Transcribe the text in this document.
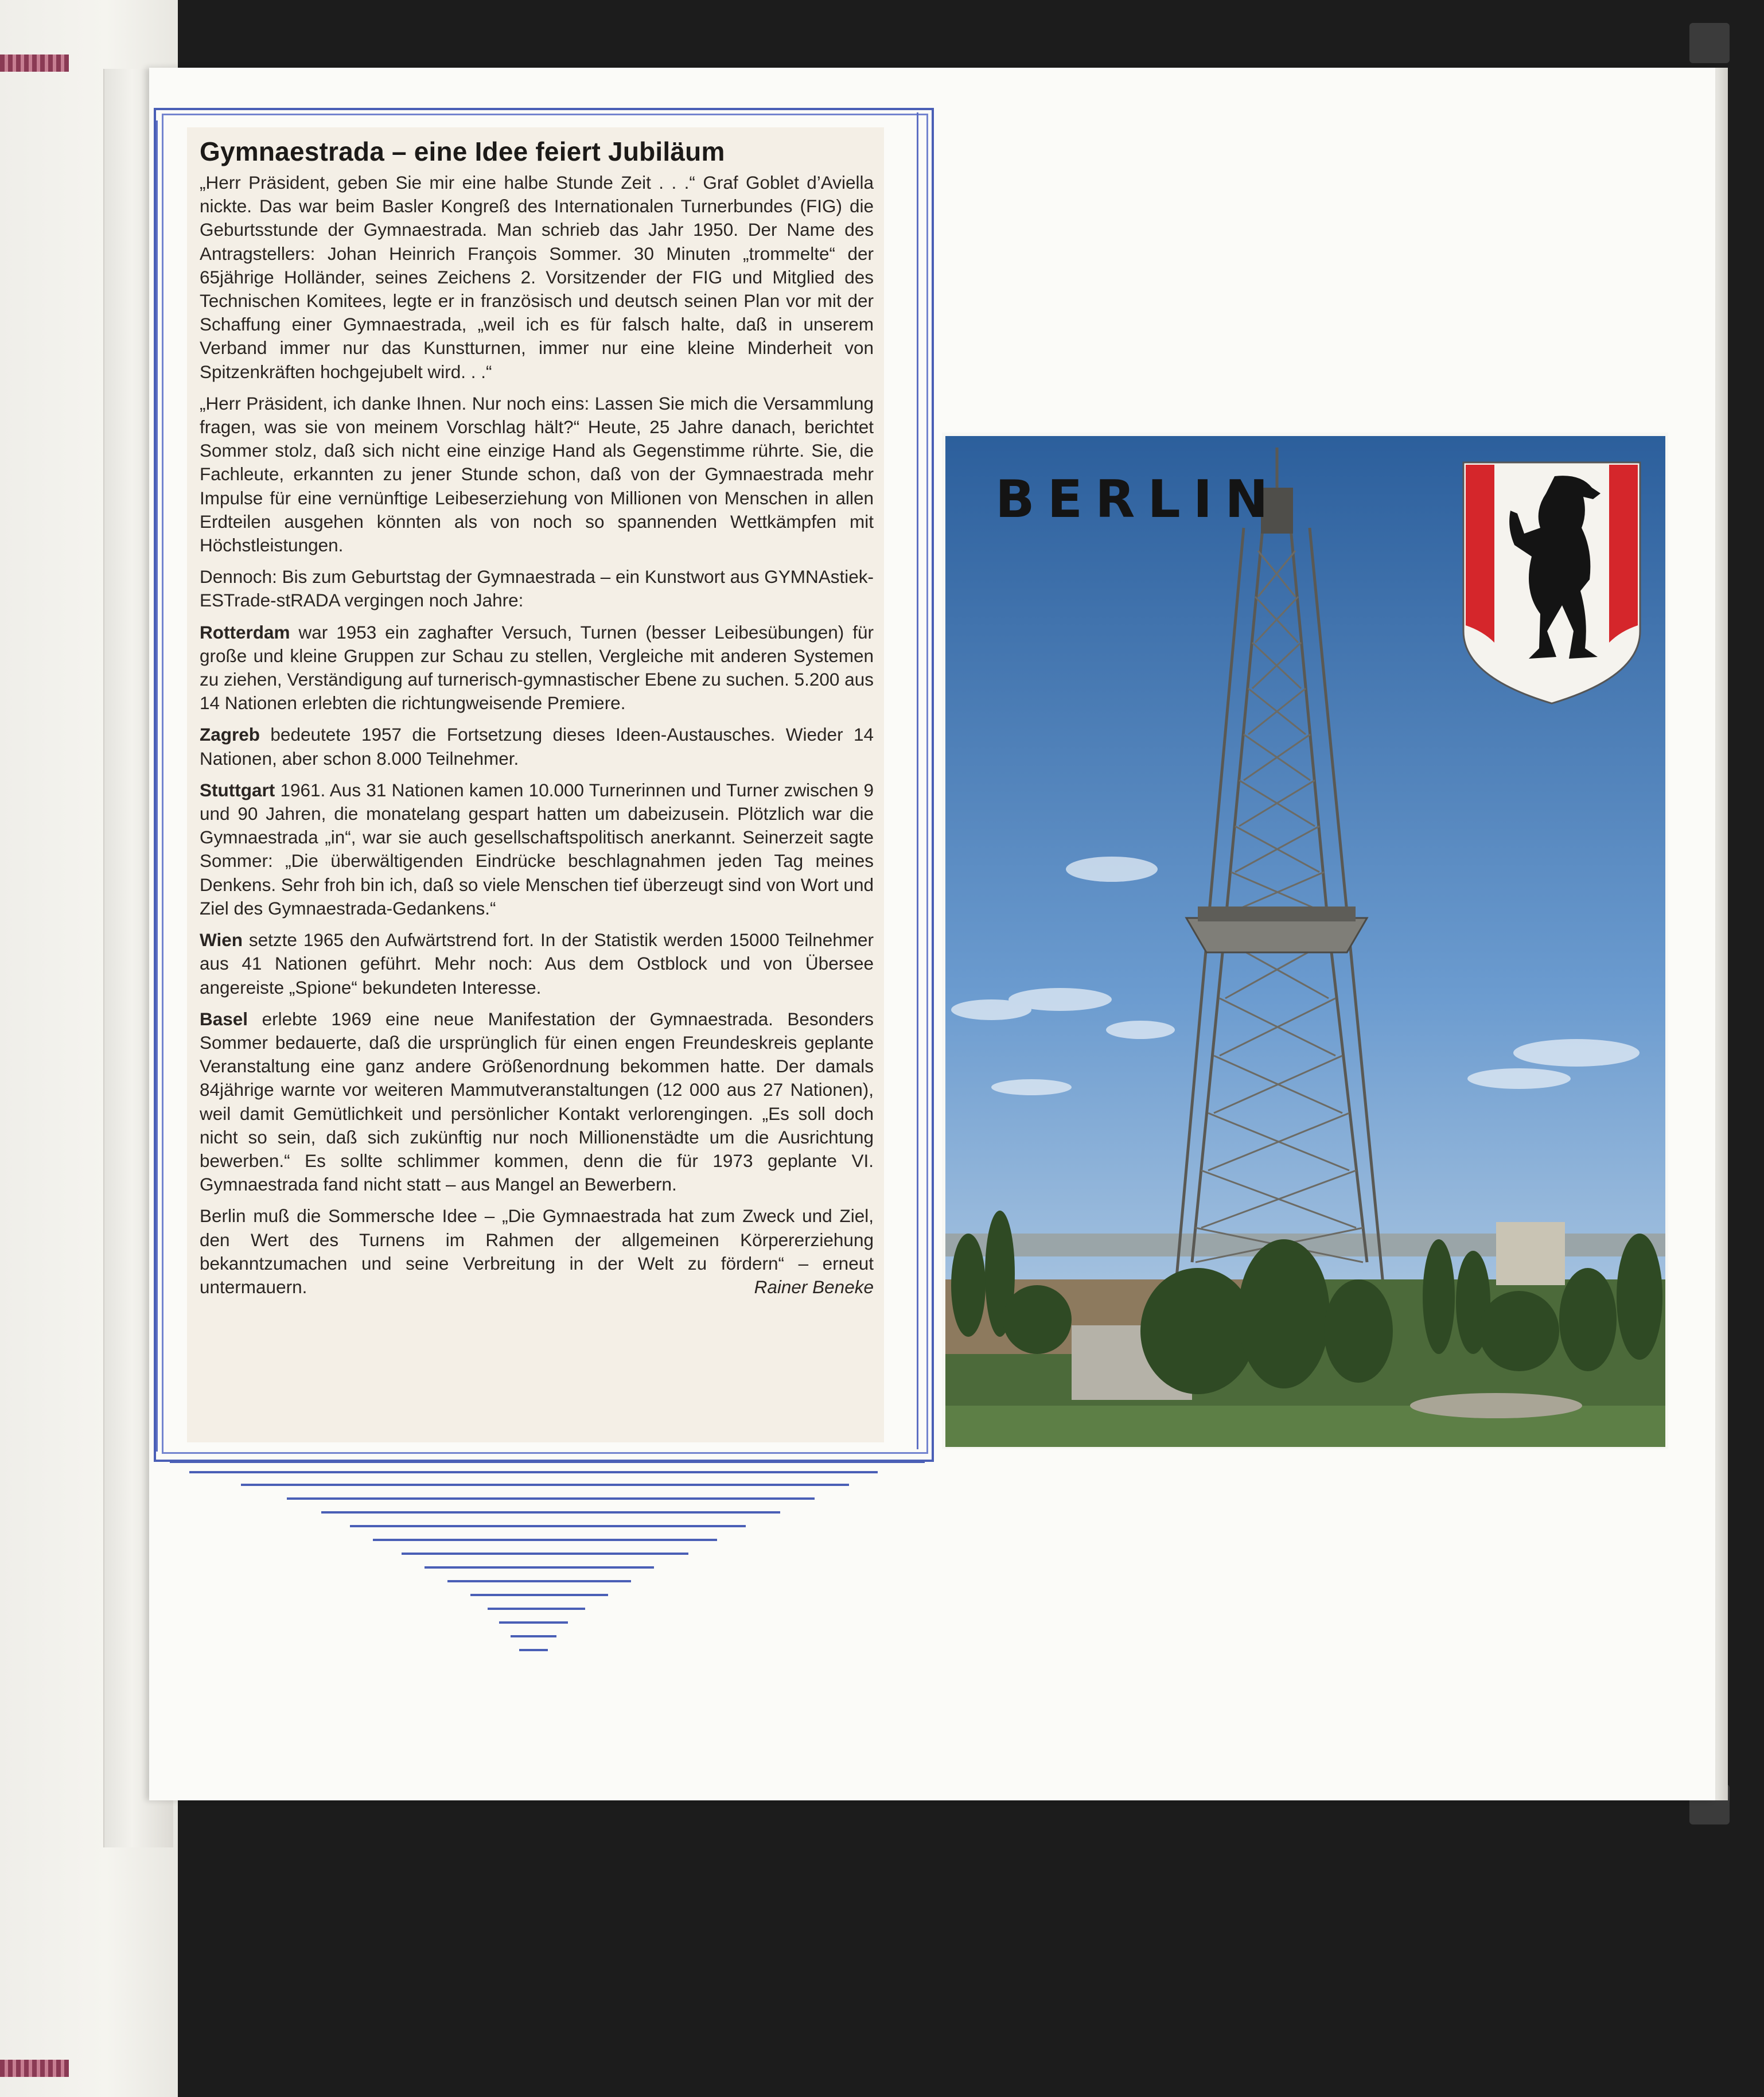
Gymnaestrada – eine Idee feiert Jubiläum

„Herr Präsident, geben Sie mir eine halbe Stunde Zeit . . .“ Graf Goblet d’Aviella nickte. Das war beim Basler Kongreß des Internationalen Turnerbundes (FIG) die Geburtsstunde der Gymnaestrada. Man schrieb das Jahr 1950. Der Name des Antragstellers: Johan Heinrich François Sommer. 30 Minuten „trommelte“ der 65jährige Holländer, seines Zeichens 2. Vorsitzender der FIG und Mitglied des Technischen Komitees, legte er in französisch und deutsch seinen Plan vor mit der Schaffung einer Gymnaestrada, „weil ich es für falsch halte, daß in unserem Verband immer nur das Kunstturnen, immer nur eine kleine Minderheit von Spitzenkräften hochgejubelt wird. . .“

„Herr Präsident, ich danke Ihnen. Nur noch eins: Lassen Sie mich die Versammlung fragen, was sie von meinem Vorschlag hält?“ Heute, 25 Jahre danach, berichtet Sommer stolz, daß sich nicht eine einzige Hand als Gegenstimme rührte. Sie, die Fachleute, erkannten zu jener Stunde schon, daß von der Gymnaestrada mehr Impulse für eine vernünftige Leibeserziehung von Millionen von Menschen in allen Erdteilen ausgehen könnten als von noch so spannenden Wettkämpfen mit Höchstleistungen.

Dennoch: Bis zum Geburtstag der Gymnaestrada – ein Kunstwort aus GYMNAstiek-ESTrade-stRADA vergingen noch Jahre:

Rotterdam war 1953 ein zaghafter Versuch, Turnen (besser Leibesübungen) für große und kleine Gruppen zur Schau zu stellen, Vergleiche mit anderen Systemen zu ziehen, Verständigung auf turnerisch-gymnastischer Ebene zu suchen. 5.200 aus 14 Nationen erlebten die richtungweisende Premiere.

Zagreb bedeutete 1957 die Fortsetzung dieses Ideen-Austausches. Wieder 14 Nationen, aber schon 8.000 Teilnehmer.

Stuttgart 1961. Aus 31 Nationen kamen 10.000 Turnerinnen und Turner zwischen 9 und 90 Jahren, die monatelang gespart hatten um dabeizusein. Plötzlich war die Gymnaestrada „in“, war sie auch gesellschaftspolitisch anerkannt. Seinerzeit sagte Sommer: „Die überwältigenden Eindrücke beschlagnahmen jeden Tag meines Denkens. Sehr froh bin ich, daß so viele Menschen tief überzeugt sind von Wort und Ziel des Gymnaestrada-Gedankens.“

Wien setzte 1965 den Aufwärtstrend fort. In der Statistik werden 15000 Teilnehmer aus 41 Nationen geführt. Mehr noch: Aus dem Ostblock und von Übersee angereiste „Spione“ bekundeten Interesse.

Basel erlebte 1969 eine neue Manifestation der Gymnaestrada. Besonders Sommer bedauerte, daß die ursprünglich für einen engen Freundeskreis geplante Veranstaltung eine ganz andere Größenordnung bekommen hatte. Der damals 84jährige warnte vor weiteren Mammutveranstaltungen (12 000 aus 27 Nationen), weil damit Gemütlichkeit und persönlicher Kontakt verlorengingen. „Es soll doch nicht so sein, daß sich zukünftig nur noch Millionenstädte um die Ausrichtung bewerben.“ Es sollte schlimmer kommen, denn die für 1973 geplante VI. Gymnaestrada fand nicht statt – aus Mangel an Bewerbern.

Berlin muß die Sommersche Idee – „Die Gymnaestrada hat zum Zweck und Ziel, den Wert des Turnens im Rahmen der allgemeinen Körpererziehung bekanntzumachen und seine Verbreitung in der Welt zu fördern“ – erneut untermauern.	Rainer Beneke

BERLIN
